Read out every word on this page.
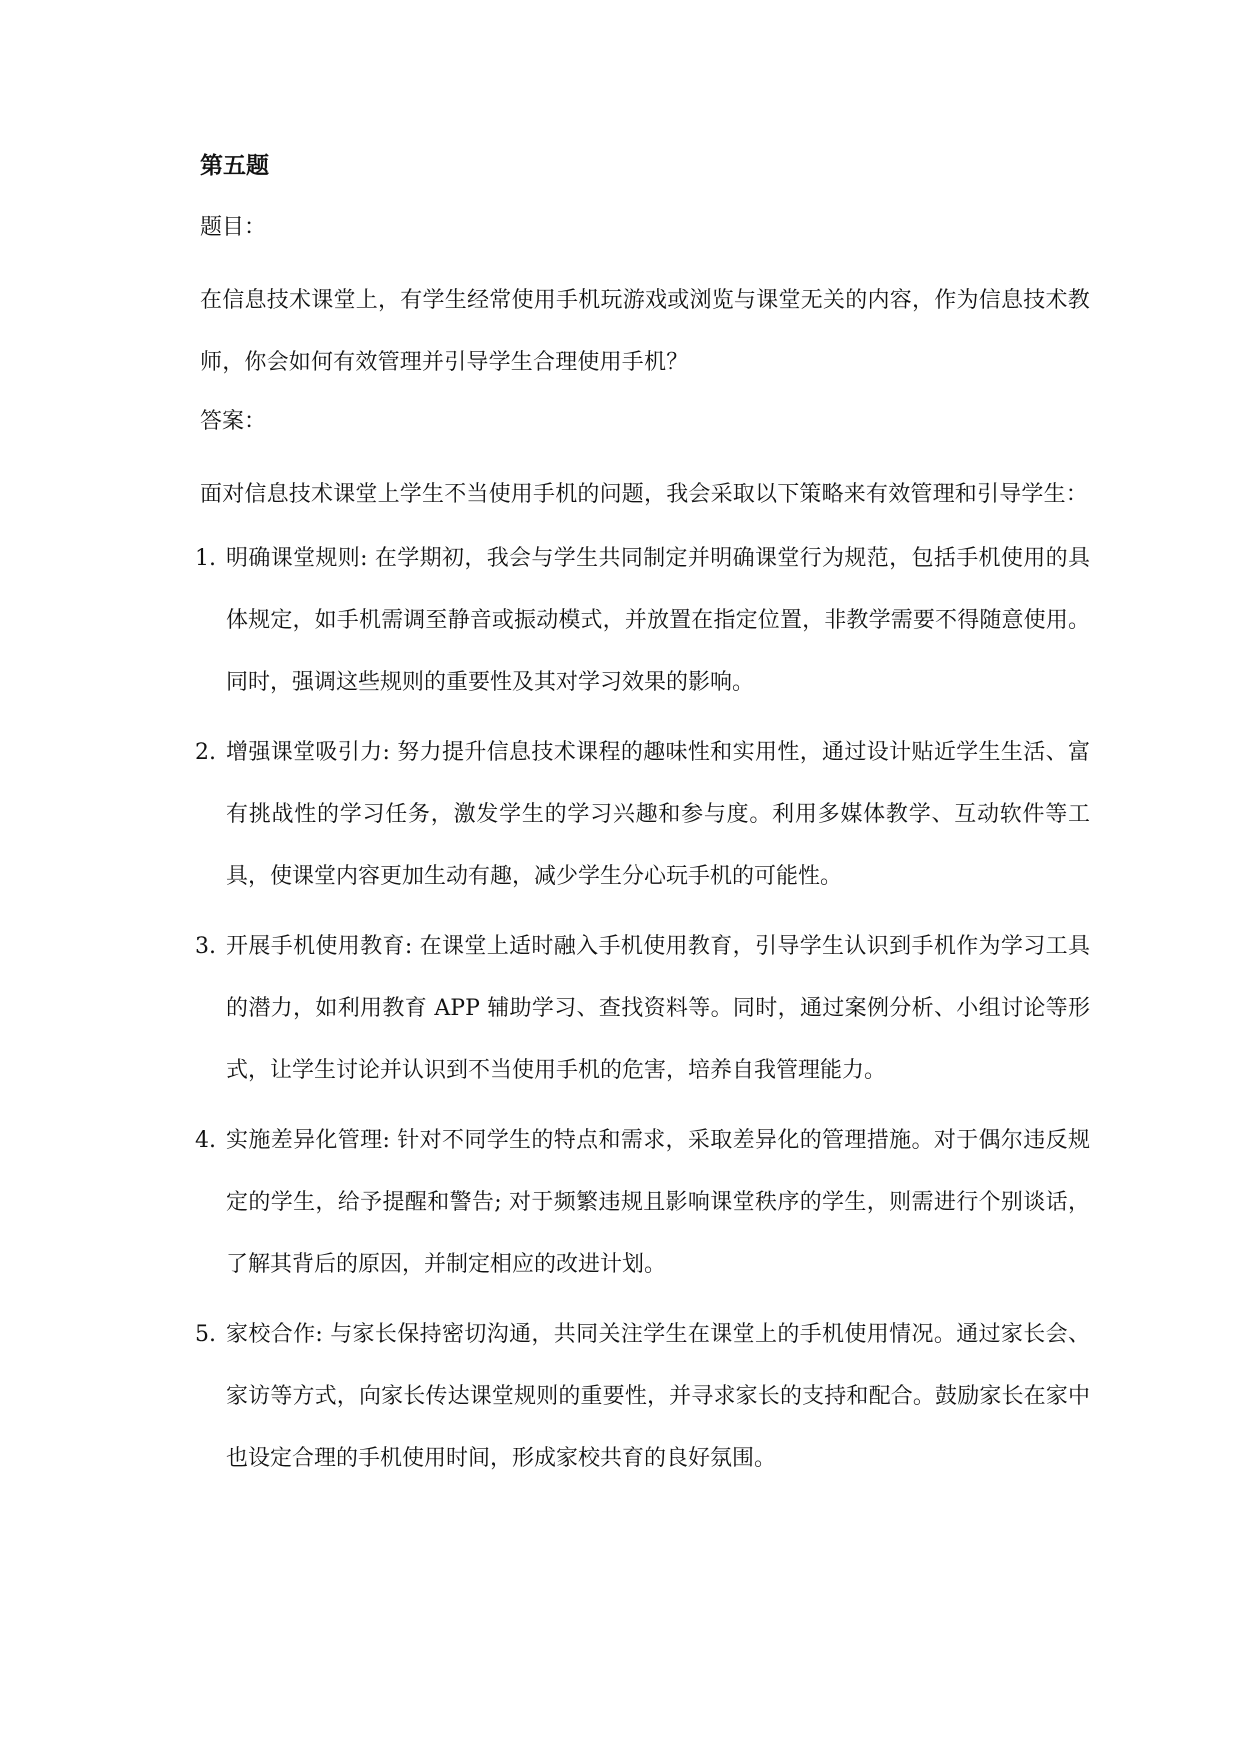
第五题
题目：
在信息技术课堂上，有学生经常使用手机玩游戏或浏览与课堂无关的内容，作为信息技术教师，你会如何有效管理并引导学生合理使用手机？
答案：
面对信息技术课堂上学生不当使用手机的问题，我会采取以下策略来有效管理和引导学生：
1. 明确课堂规则: 在学期初，我会与学生共同制定并明确课堂行为规范，包括手机使用的具体规定，如手机需调至静音或振动模式，并放置在指定位置，非教学需要不得随意使用。同时，强调这些规则的重要性及其对学习效果的影响。
2. 增强课堂吸引力: 努力提升信息技术课程的趣味性和实用性，通过设计贴近学生生活、富有挑战性的学习任务，激发学生的学习兴趣和参与度。利用多媒体教学、互动软件等工具，使课堂内容更加生动有趣，减少学生分心玩手机的可能性。
3. 开展手机使用教育: 在课堂上适时融入手机使用教育，引导学生认识到手机作为学习工具的潜力，如利用教育 APP 辅助学习、查找资料等。同时，通过案例分析、小组讨论等形式，让学生讨论并认识到不当使用手机的危害，培养自我管理能力。
4. 实施差异化管理: 针对不同学生的特点和需求，采取差异化的管理措施。对于偶尔违反规定的学生，给予提醒和警告; 对于频繁违规且影响课堂秩序的学生，则需进行个别谈话，了解其背后的原因，并制定相应的改进计划。
5. 家校合作: 与家长保持密切沟通，共同关注学生在课堂上的手机使用情况。通过家长会、家访等方式，向家长传达课堂规则的重要性，并寻求家长的支持和配合。鼓励家长在家中也设定合理的手机使用时间，形成家校共育的良好氛围。
